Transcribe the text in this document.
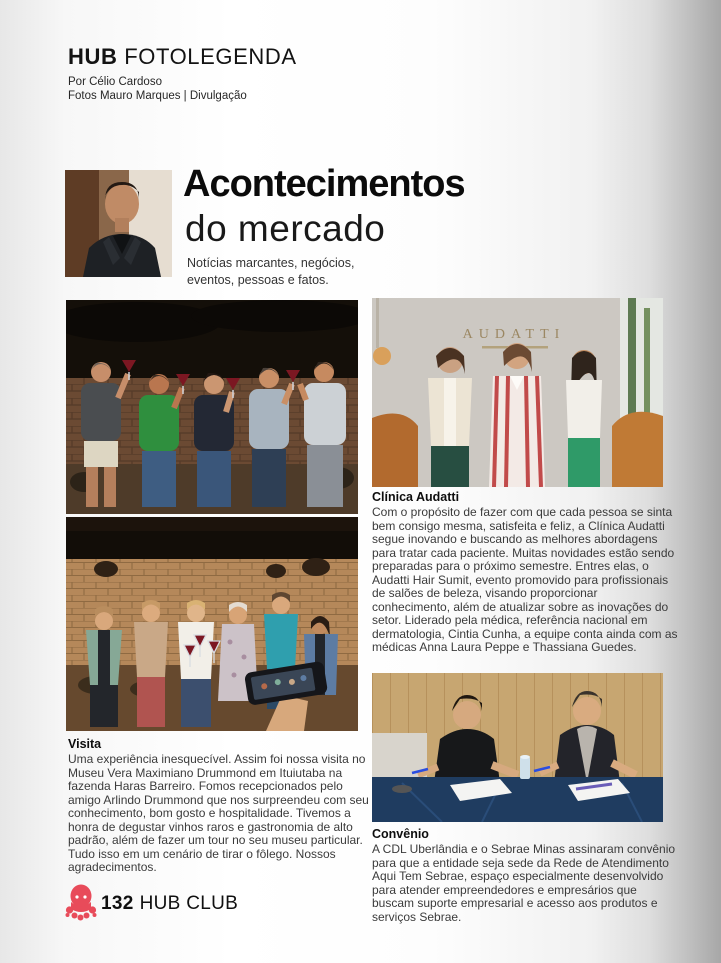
HUB FOTOLEGENDA
Por Célio Cardoso
Fotos Mauro Marques | Divulgação
Acontecimentos
do mercado
Notícias marcantes, negócios,
eventos, pessoas e fatos.
Visita
Uma experiência inesquecível. Assim foi nossa visita no Museu Vera Maximiano Drummond em Ituiutaba na fazenda Haras Barreiro. Fomos recepcionados pelo amigo Arlindo Drummond que nos surpreendeu com seu conhecimento, bom gosto e hospitalidade. Tivemos a honra de degustar vinhos raros e gastronomia de alto padrão, além de fazer um tour no seu museu particular. Tudo isso em um cenário de tirar o fôlego. Nossos agradecimentos.
AUDATTI
Clínica Audatti
Com o propósito de fazer com que cada pessoa se sinta bem consigo mesma, satisfeita e feliz, a Clínica Audatti segue inovando e buscando as melhores abordagens para tratar cada paciente. Muitas novidades estão sendo preparadas para o próximo semestre. Entres elas, o Audatti Hair Sumit, evento promovido para profissionais de salões de beleza, visando proporcionar conhecimento, além de atualizar sobre as inovações do setor. Liderado pela médica, referência nacional em dermatologia, Cintia Cunha, a equipe conta ainda com as médicas Anna Laura Peppe e Thassiana Guedes.
Convênio
A CDL Uberlândia e o Sebrae Minas assinaram convênio para que a entidade seja sede da Rede de Atendimento Aqui Tem Sebrae, espaço especialmente desenvolvido para atender empreendedores e empresários que buscam suporte empresarial e acesso aos produtos e serviços Sebrae.
132 HUB CLUB
